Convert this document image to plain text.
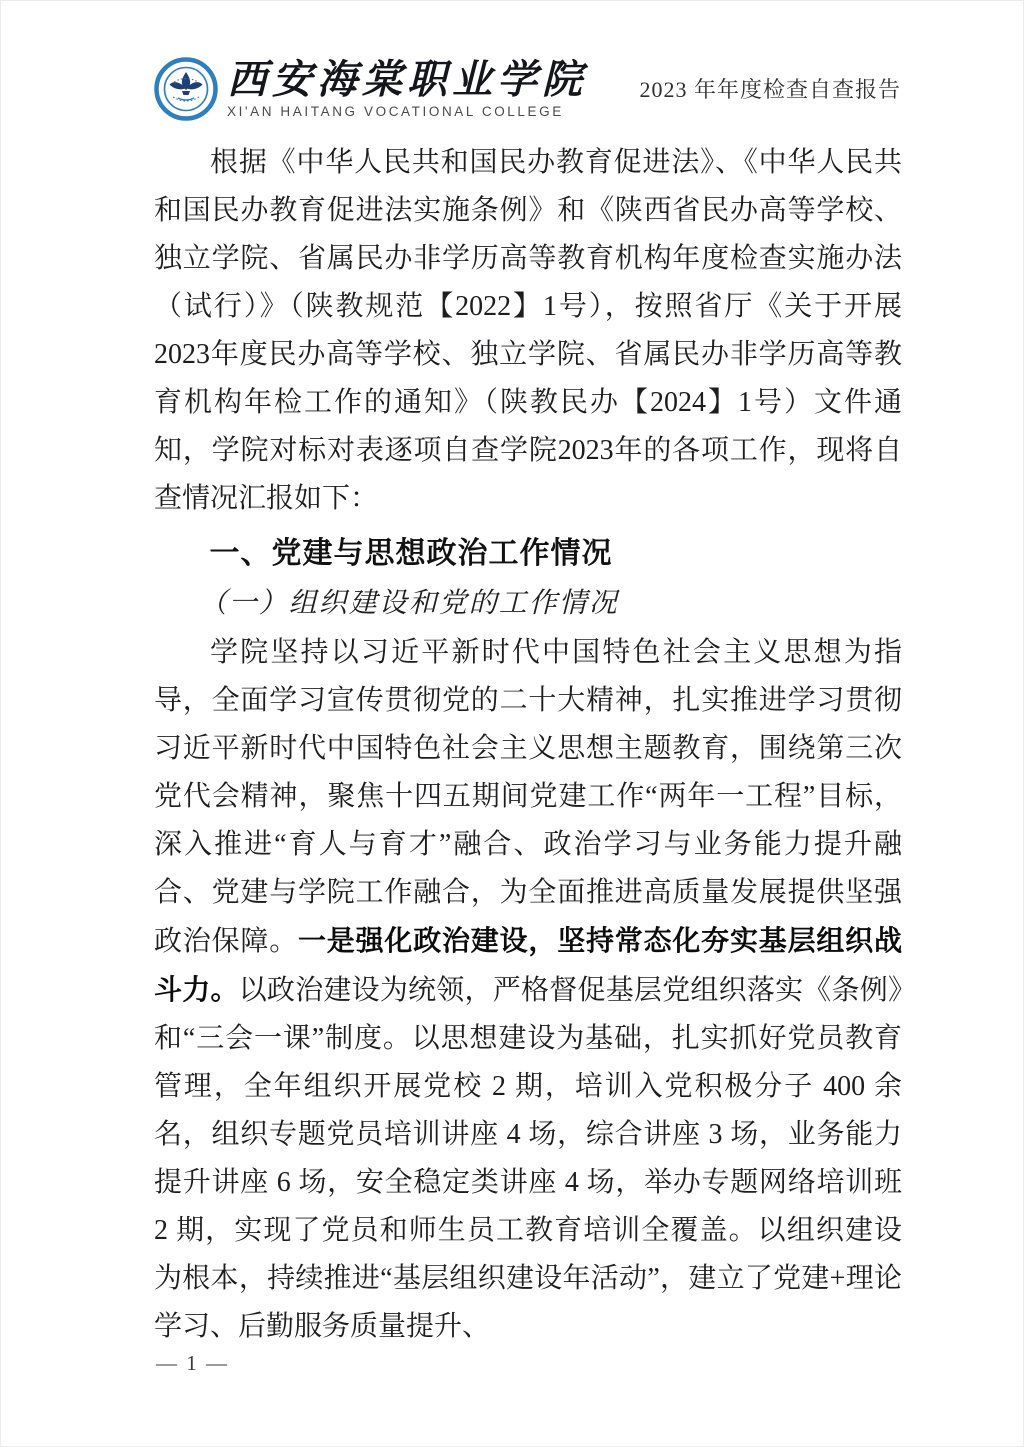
西安海棠职业学院
XI'AN HAITANG VOCATIONAL COLLEGE
2023 年年度检查自查报告

根据《中华人民共和国民办教育促进法》、《中华人民共和国民办教育促进法实施条例》和《陕西省民办高等学校、独立学院、省属民办非学历高等教育机构年度检查实施办法（试行）》（陕教规范【2022】1号），按照省厅《关于开展2023年度民办高等学校、独立学院、省属民办非学历高等教育机构年检工作的通知》（陕教民办【2024】1号）文件通知，学院对标对表逐项自查学院2023年的各项工作，现将自查情况汇报如下：

一、党建与思想政治工作情况
（一）组织建设和党的工作情况

学院坚持以习近平新时代中国特色社会主义思想为指导，全面学习宣传贯彻党的二十大精神，扎实推进学习贯彻习近平新时代中国特色社会主义思想主题教育，围绕第三次党代会精神，聚焦十四五期间党建工作“两年一工程”目标，深入推进“育人与育才”融合、政治学习与业务能力提升融合、党建与学院工作融合，为全面推进高质量发展提供坚强政治保障。一是强化政治建设，坚持常态化夯实基层组织战斗力。以政治建设为统领，严格督促基层党组织落实《条例》和“三会一课”制度。以思想建设为基础，扎实抓好党员教育管理，全年组织开展党校 2 期，培训入党积极分子 400 余名，组织专题党员培训讲座 4 场，综合讲座 3 场，业务能力提升讲座 6 场，安全稳定类讲座 4 场，举办专题网络培训班 2 期，实现了党员和师生员工教育培训全覆盖。以组织建设为根本，持续推进“基层组织建设年活动”，建立了党建+理论学习、后勤服务质量提升、

— 1 —
